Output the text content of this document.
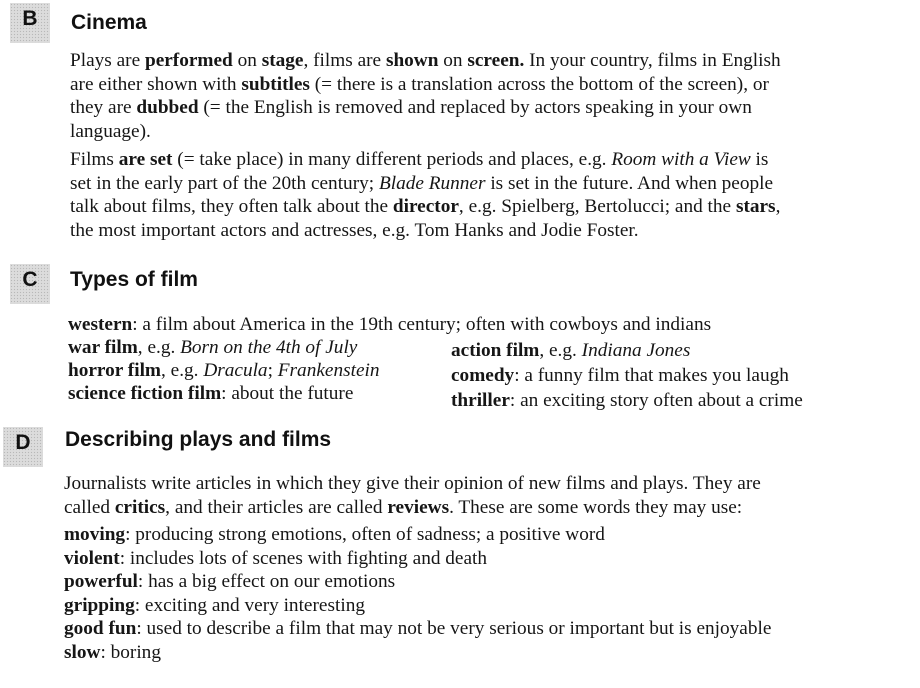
B Cinema
Plays are performed on stage, films are shown on screen. In your country, films in English
are either shown with subtitles (= there is a translation across the bottom of the screen), or
they are dubbed (= the English is removed and replaced by actors speaking in your own
language).
Films are set (= take place) in many different periods and places, e.g. Room with a View is
set in the early part of the 20th century; Blade Runner is set in the future. And when people
talk about films, they often talk about the director, e.g. Spielberg, Bertolucci; and the stars,
the most important actors and actresses, e.g. Tom Hanks and Jodie Foster.
C Types of film
western: a film about America in the 19th century; often with cowboys and indians
war film, e.g. Born on the 4th of July	action film, e.g. Indiana Jones
horror film, e.g. Dracula; Frankenstein	comedy: a funny film that makes you laugh
science fiction film: about the future	thriller: an exciting story often about a crime
D Describing plays and films
Journalists write articles in which they give their opinion of new films and plays. They are
called critics, and their articles are called reviews. These are some words they may use:
moving: producing strong emotions, often of sadness; a positive word
violent: includes lots of scenes with fighting and death
powerful: has a big effect on our emotions
gripping: exciting and very interesting
good fun: used to describe a film that may not be very serious or important but is enjoyable
slow: boring
